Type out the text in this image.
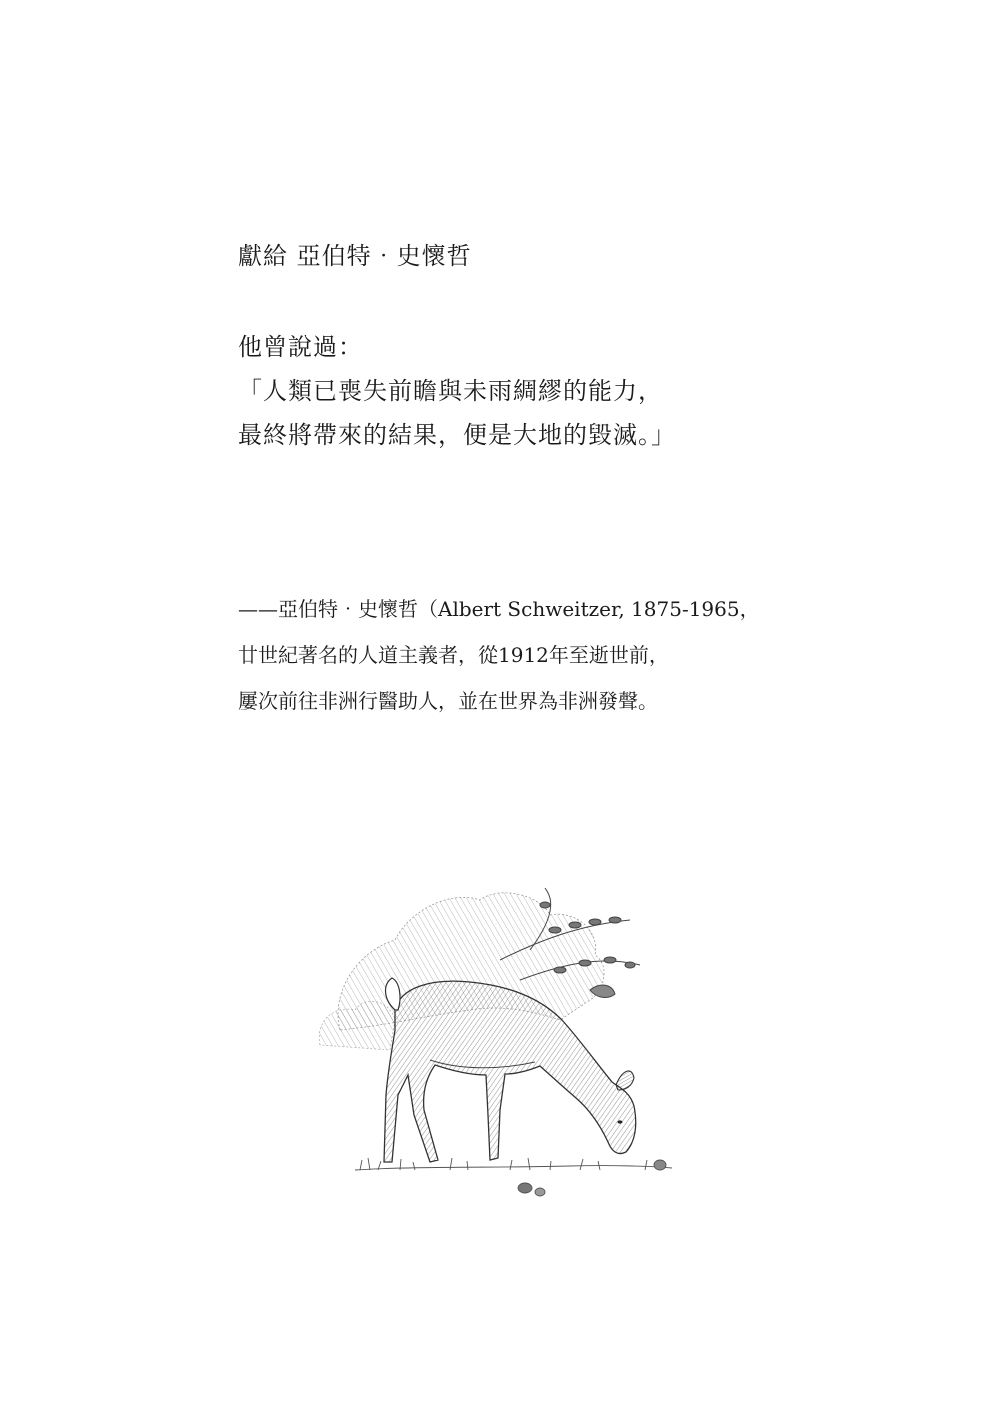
獻給 亞伯特‧史懷哲
他曾說過：
「人類已喪失前瞻與未雨綢繆的能力，
最終將帶來的結果，便是大地的毀滅。」
——亞伯特‧史懷哲（Albert Schweitzer, 1875-1965，
廿世紀著名的人道主義者，從1912年至逝世前，
屢次前往非洲行醫助人，並在世界為非洲發聲。
